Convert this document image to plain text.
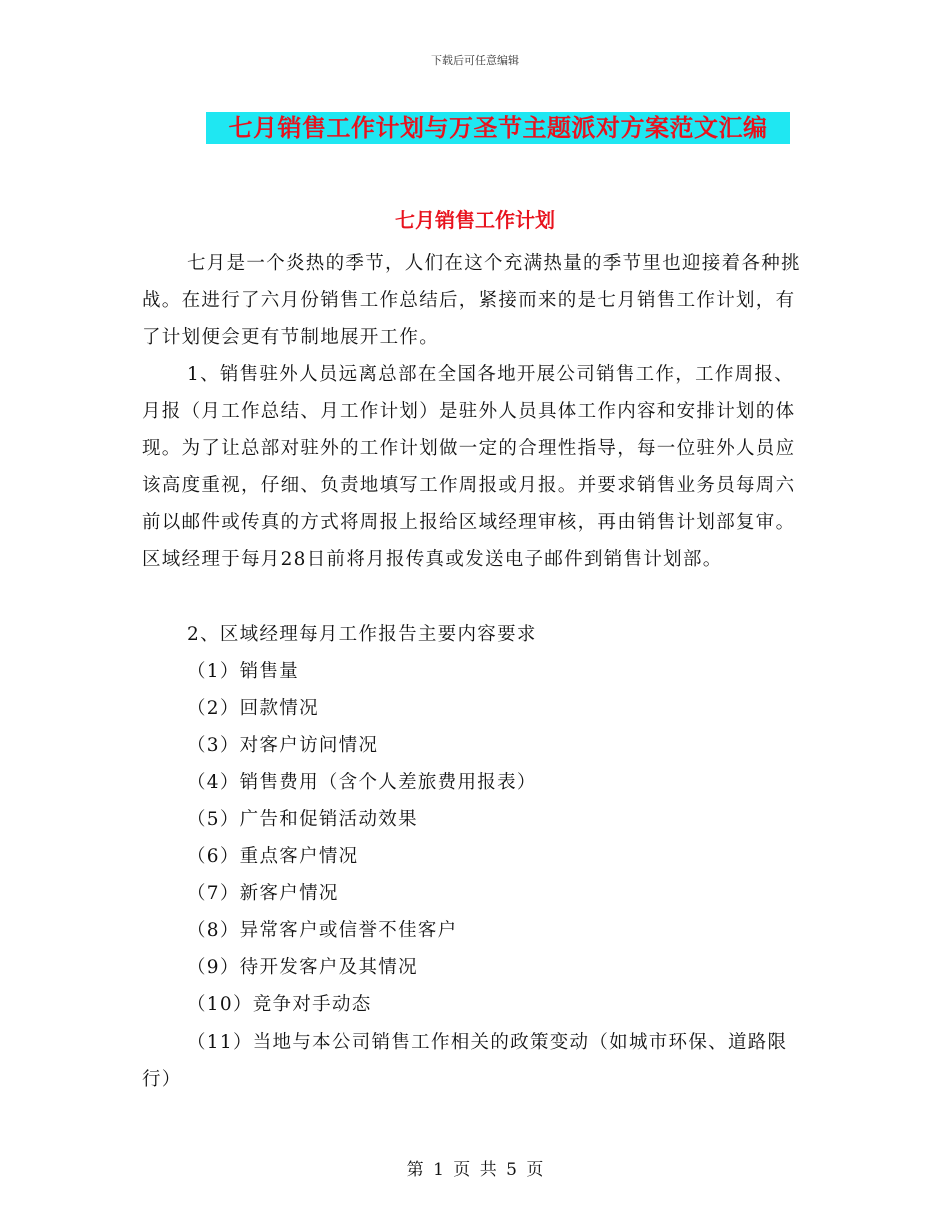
下载后可任意编辑
七月销售工作计划与万圣节主题派对方案范文汇编
七月销售工作计划

七月是一个炎热的季节，人们在这个充满热量的季节里也迎接着各种挑战。在进行了六月份销售工作总结后，紧接而来的是七月销售工作计划，有了计划便会更有节制地展开工作。

1、销售驻外人员远离总部在全国各地开展公司销售工作，工作周报、月报（月工作总结、月工作计划）是驻外人员具体工作内容和安排计划的体现。为了让总部对驻外的工作计划做一定的合理性指导，每一位驻外人员应该高度重视，仔细、负责地填写工作周报或月报。并要求销售业务员每周六前以邮件或传真的方式将周报上报给区域经理审核，再由销售计划部复审。区域经理于每月28日前将月报传真或发送电子邮件到销售计划部。

2、区域经理每月工作报告主要内容要求

（1）销售量
（2）回款情况
（3）对客户访问情况
（4）销售费用（含个人差旅费用报表）
（5）广告和促销活动效果
（6）重点客户情况
（7）新客户情况
（8）异常客户或信誉不佳客户
（9）待开发客户及其情况
（10）竞争对手动态

（11）当地与本公司销售工作相关的政策变动（如城市环保、道路限行）

第 1 页 共 5 页
